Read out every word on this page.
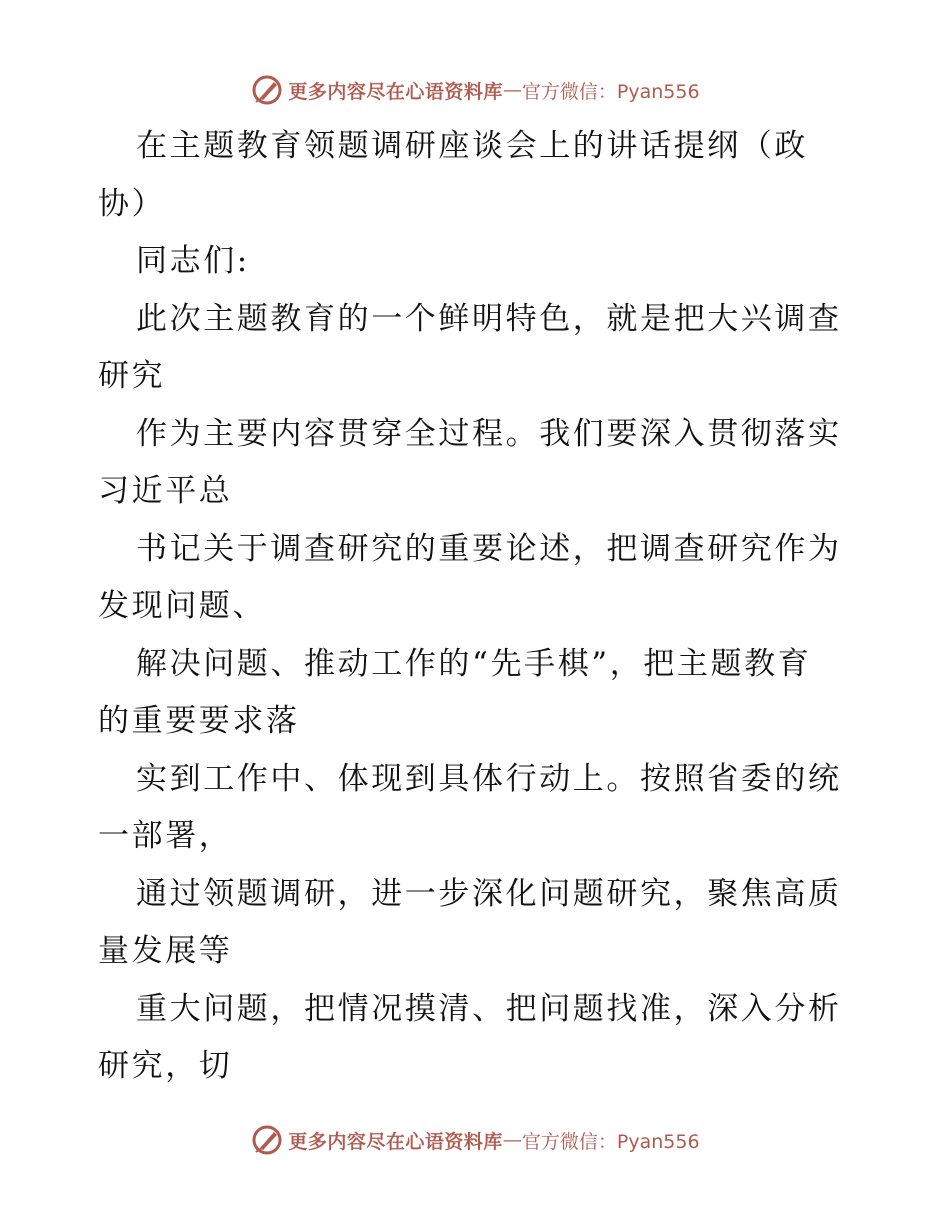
更多内容尽在心语资料库 — 官方微信：Pyan556

在主题教育领题调研座谈会上的讲话提纲（政
协）

同志们:

此次主题教育的一个鲜明特色，就是把大兴调查
研究

作为主要内容贯穿全过程。我们要深入贯彻落实
习近平总

书记关于调查研究的重要论述，把调查研究作为
发现问题、

解决问题、推动工作的“先手棋”，把主题教育
的重要要求落

实到工作中、体现到具体行动上。按照省委的统
一部署，

通过领题调研，进一步深化问题研究，聚焦高质
量发展等

重大问题，把情况摸清、把问题找准，深入分析
研究，切

更多内容尽在心语资料库 — 官方微信：Pyan556
